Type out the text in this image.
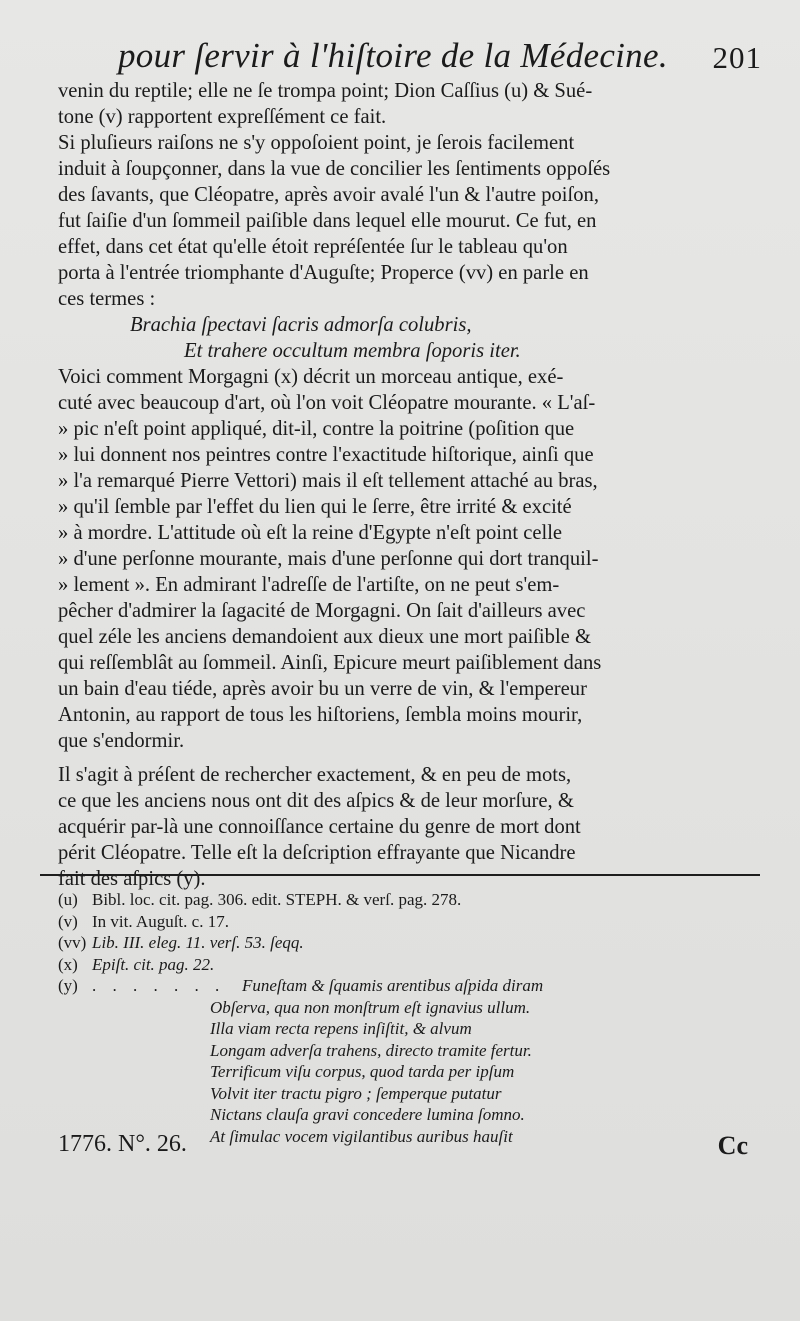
pour ſervir à l'hiſtoire de la Médecine. 201

venin du reptile; elle ne ſe trompa point; Dion Caſſius (u) & Sué-
tone (v) rapportent expreſſément ce fait.

Si pluſieurs raiſons ne s'y oppoſoient point, je ſerois facilement
induit à ſoupçonner, dans la vue de concilier les ſentiments oppoſés
des ſavants, que Cléopatre, après avoir avalé l'un & l'autre poiſon,
fut ſaiſie d'un ſommeil paiſible dans lequel elle mourut. Ce fut, en
effet, dans cet état qu'elle étoit repréſentée ſur le tableau qu'on
porta à l'entrée triomphante d'Auguſte; Properce (vv) en parle en
ces termes :

Brachia ſpectavi ſacris admorſa colubris,

Et trahere occultum membra ſoporis iter.

Voici comment Morgagni (x) décrit un morceau antique, exé-
cuté avec beaucoup d'art, où l'on voit Cléopatre mourante. « L'aſ-
» pic n'eſt point appliqué, dit-il, contre la poitrine (poſition que
» lui donnent nos peintres contre l'exactitude hiſtorique, ainſi que
» l'a remarqué Pierre Vettori) mais il eſt tellement attaché au bras,
» qu'il ſemble par l'effet du lien qui le ſerre, être irrité & excité
» à mordre. L'attitude où eſt la reine d'Egypte n'eſt point celle
» d'une perſonne mourante, mais d'une perſonne qui dort tranquil-
» lement ». En admirant l'adreſſe de l'artiſte, on ne peut s'em-
pêcher d'admirer la ſagacité de Morgagni. On ſait d'ailleurs avec
quel zéle les anciens demandoient aux dieux une mort paiſible &
qui reſſemblât au ſommeil. Ainſi, Epicure meurt paiſiblement dans
un bain d'eau tiéde, après avoir bu un verre de vin, & l'empereur
Antonin, au rapport de tous les hiſtoriens, ſembla moins mourir,
que s'endormir.

Il s'agit à préſent de rechercher exactement, & en peu de mots,
ce que les anciens nous ont dit des aſpics & de leur morſure, &
acquérir par-là une connoiſſance certaine du genre de mort dont
périt Cléopatre. Telle eſt la deſcription effrayante que Nicandre
fait des aſpics (y).

(u) Bibl. loc. cit. pag. 306. edit. STEPH. & verſ. pag. 278.

(v) In vit. Auguſt. c. 17.

(vv) Lib. III. eleg. 11. verſ. 53. ſeqq.

(x) Epiſt. cit. pag. 22.

(y) . . . . . . . Funeſtam & ſquamis arentibus aſpida diram

Obſerva, qua non monſtrum eſt ignavius ullum.

Illa viam recta repens inſiſtit, & alvum

Longam adverſa trahens, directo tramite fertur.

Terrificum viſu corpus, quod tarda per ipſum

Volvit iter tractu pigro ; ſemperque putatur

Nictans clauſa gravi concedere lumina ſomno.

At ſimulac vocem vigilantibus auribus hauſit

1776. N°. 26.	Cc
